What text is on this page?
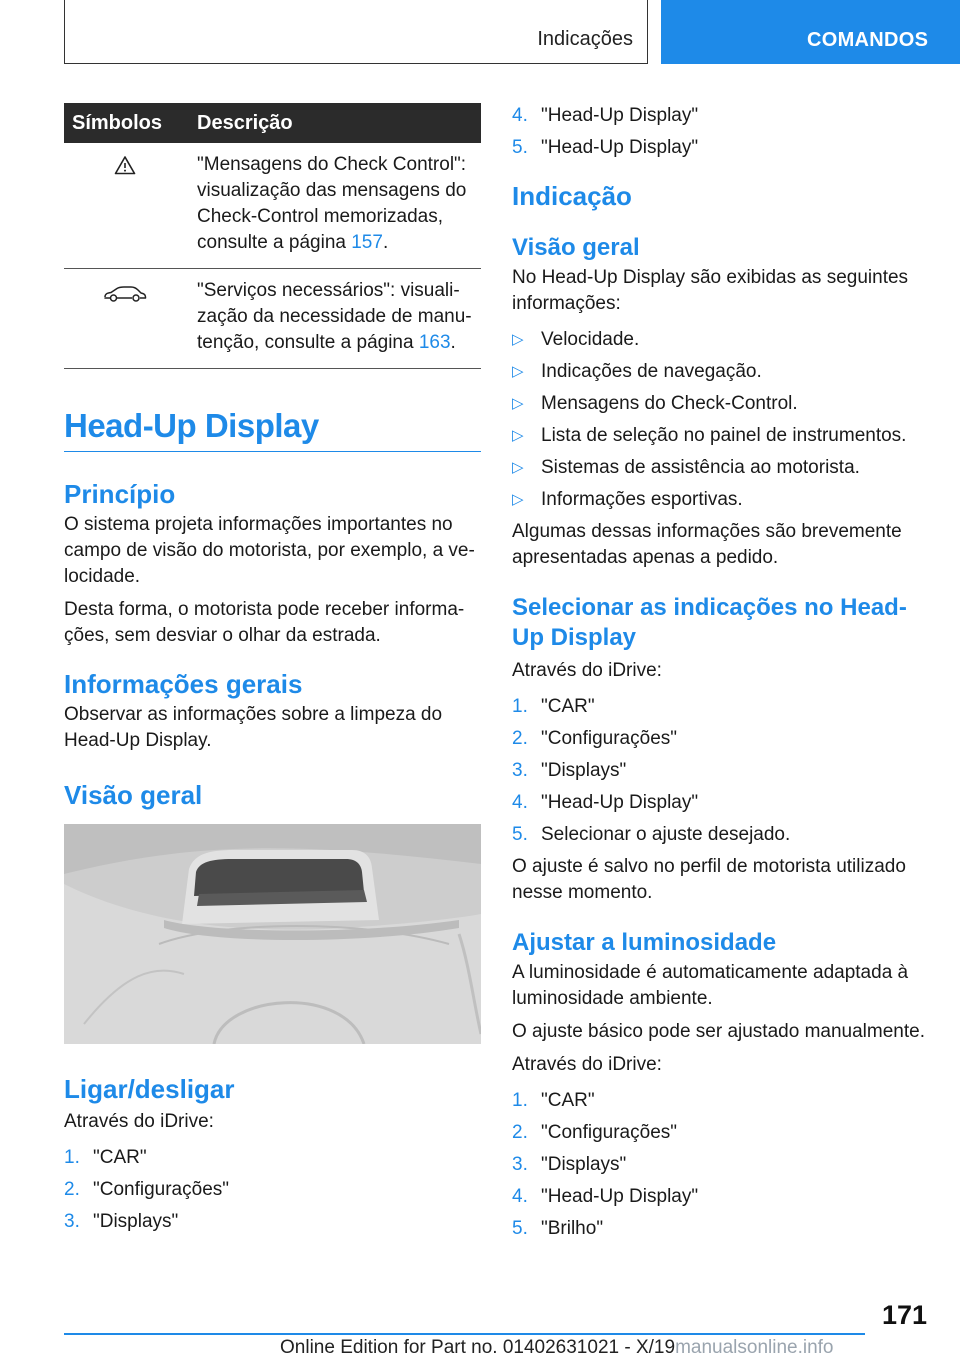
Indicações	COMANDOS
Símbolos	Descrição
	"Mensagens do Check Control": visualização das mensagens do Check-Control memorizadas, consulte a página 157.
	"Serviços necessários": visuali-zação da necessidade de manu-tenção, consulte a página 163.
Head-Up Display
Princípio

O sistema projeta informações importantes no campo de visão do motorista, por exemplo, a ve-locidade.

Desta forma, o motorista pode receber informa-ções, sem desviar o olhar da estrada.

Informações gerais

Observar as informações sobre a limpeza do Head-Up Display.

Visão geral
Ligar/desligar

Através do iDrive:

1. "CAR"
2. "Configurações"
3. "Displays"
4. "Head-Up Display"
5. "Head-Up Display"
Indicação
Visão geral

No Head-Up Display são exibidas as seguintes informações:

▷ Velocidade.
▷ Indicações de navegação.
▷ Mensagens do Check-Control.
▷ Lista de seleção no painel de instrumentos.
▷ Sistemas de assistência ao motorista.
▷ Informações esportivas.

Algumas dessas informações são brevemente apresentadas apenas a pedido.

Selecionar as indicações no Head-Up Display

Através do iDrive:

1. "CAR"
2. "Configurações"
3. "Displays"
4. "Head-Up Display"
5. Selecionar o ajuste desejado.

O ajuste é salvo no perfil de motorista utilizado nesse momento.

Ajustar a luminosidade

A luminosidade é automaticamente adaptada à luminosidade ambiente.

O ajuste básico pode ser ajustado manualmente.

Através do iDrive:

1. "CAR"
2. "Configurações"
3. "Displays"
4. "Head-Up Display"
5. "Brilho"
171
Online Edition for Part no. 01402631021 - X/19manualsonline.info
